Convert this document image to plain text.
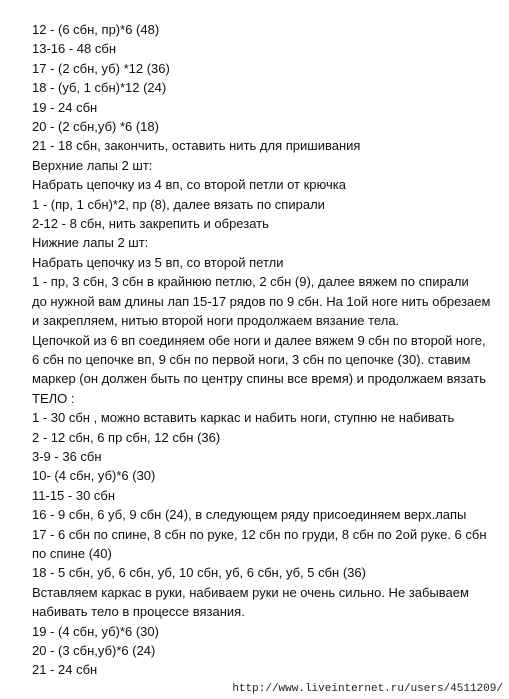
12 - (6 сбн, пр)*6 (48)
13-16 - 48 сбн
17 - (2 сбн, уб) *12 (36)
18 - (уб, 1 сбн)*12 (24)
19 - 24 сбн
20 - (2 сбн,уб) *6 (18)
21 - 18 сбн, закончить, оставить нить для пришивания
Верхние лапы 2 шт:
Набрать цепочку из 4 вп, со второй петли от крючка
1 - (пр, 1 сбн)*2, пр (8), далее вязать по спирали
2-12 - 8 сбн, нить закрепить и обрезать
Нижние лапы 2 шт:
Набрать цепочку из 5 вп, со второй петли
1 - пр, 3 сбн, 3 сбн в крайнюю петлю, 2 сбн (9), далее вяжем по спирали
до нужной вам длины лап 15-17 рядов по 9 сбн. На 1ой ноге нить обрезаем
и закрепляем, нитью второй ноги продолжаем вязание тела.
Цепочкой из 6 вп соединяем обе ноги и далее вяжем 9 сбн по второй ноге,
6 сбн по цепочке вп, 9 сбн по первой ноги, 3 сбн по цепочке (30). ставим
маркер (он должен быть по центру спины все время) и продолжаем вязать
ТЕЛО :
1 - 30 сбн , можно вставить каркас и набить ноги, ступню не набивать
2 - 12 сбн, 6 пр сбн, 12 сбн (36)
3-9 - 36 сбн
10- (4 сбн, уб)*6 (30)
11-15 - 30 сбн
16 - 9 сбн, 6 уб, 9 сбн (24), в следующем ряду присоединяем верх.лапы
17 - 6 сбн по спине, 8 сбн по руке, 12 сбн по груди, 8 сбн по 2ой руке. 6 сбн
по спине (40)
18 - 5 сбн, уб, 6 сбн, уб, 10 сбн, уб, 6 сбн, уб, 5 сбн (36)
Вставляем каркас в руки, набиваем руки не очень сильно. Не забываем
набивать тело в процессе вязания.
19 - (4 сбн, уб)*6 (30)
20 - (3 сбн,уб)*6 (24)
21 - 24 сбн
http://www.liveinternet.ru/users/4511209/
